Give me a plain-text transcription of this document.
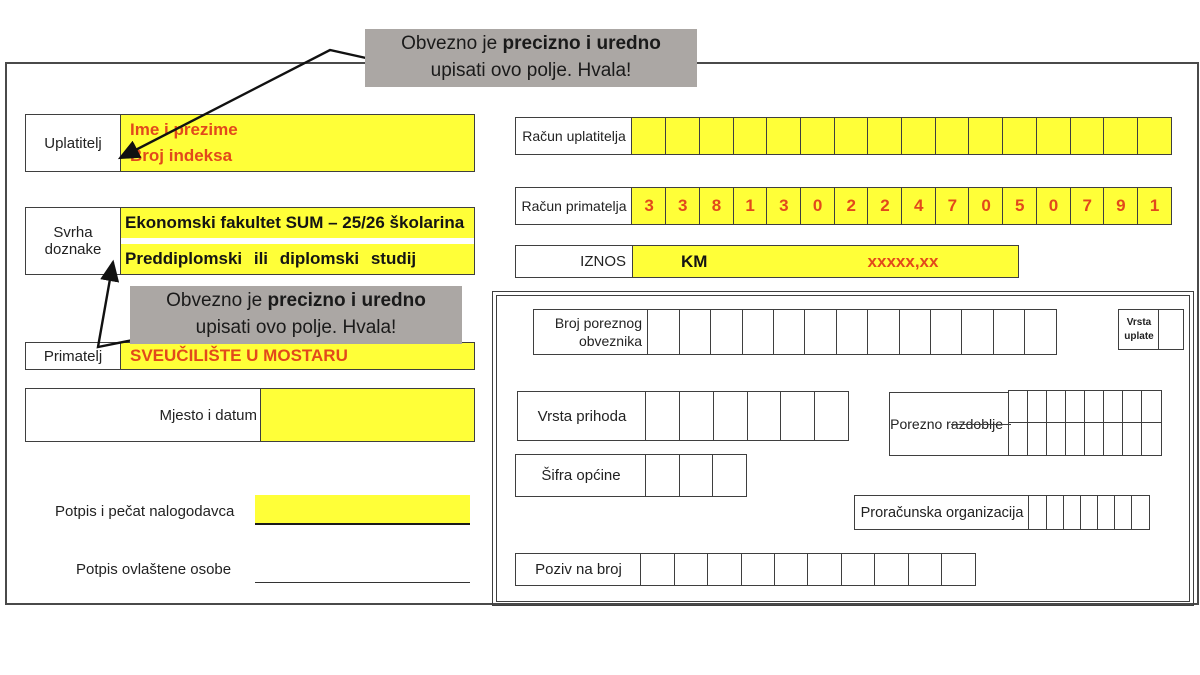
Obvezno je precizno i uredno
upisati ovo polje. Hvala!
Obvezno je precizno i uredno
upisati ovo polje. Hvala!
Uplatitelj
Ime i prezime
Broj indeksa
Svrha
doznake
Ekonomski fakultet SUM – 25/26 školarina
Preddiplomski ili diplomski studij
Primatelj	SVEUČILIŠTE U MOSTARU
Mjesto i datum
Potpis i pečat nalogodavca
Potpis ovlaštene osobe
Račun uplatitelja
Račun primatelja	3	3	8	1	3	0	2	2	4	7	0	5	0	7	9	1
IZNOS	KM	xxxxx,xx
Broj poreznog
obveznika
Vrsta
uplate
Vrsta prihoda	Porezno razdoblje
Šifra općine
Proračunska organizacija
Poziv na broj
